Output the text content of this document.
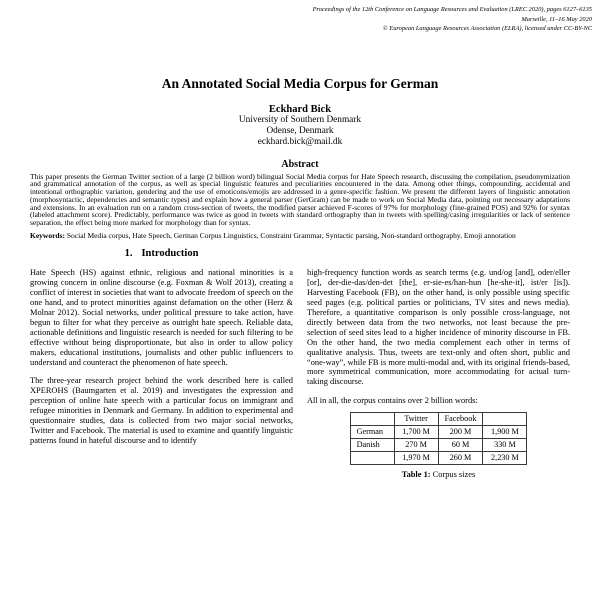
Proceedings of the 12th Conference on Language Resources and Evaluation (LREC 2020), pages 6127–6135
Marseille, 11–16 May 2020
© European Language Resources Association (ELRA), licensed under CC-BY-NC
An Annotated Social Media Corpus for German
Eckhard Bick
University of Southern Denmark
Odense, Denmark
eckhard.bick@mail.dk
Abstract

This paper presents the German Twitter section of a large (2 billion word) bilingual Social Media corpus for Hate Speech research, discussing the compilation, pseudonymization and grammatical annotation of the corpus, as well as special linguistic features and peculiarities encountered in the data. Among other things, compounding, accidental and intentional orthographic variation, gendering and the use of emoticons/emojis are addressed in a genre-specific fashion. We present the different layers of linguistic annotation (morphosyntactic, dependencies and semantic types) and explain how a general parser (GerGram) can be made to work on Social Media data, pointing out necessary adaptations and extensions. In an evaluation run on a random cross-section of tweets, the modified parser achieved F-scores of 97% for morphology (fine-grained POS) and 92% for syntax (labeled attachment score). Predictably, performance was twice as good in tweets with standard orthography than in tweets with spelling/casing irregularities or lack of sentence separation, the effect being more marked for morphology than for syntax.

Keywords: Social Media corpus, Hate Speech, German Corpus Linguistics, Constraint Grammar, Syntactic parsing, Non-standard orthography, Emoji annotation

1. Introduction

Hate Speech (HS) against ethnic, religious and national minorities is a growing concern in online discourse (e.g. Foxman & Wolf 2013), creating a conflict of interest in societies that want to advocate freedom of speech on the one hand, and to protect minorities against defamation on the other (Herz & Molnar 2012). Social networks, under political pressure to take action, have begun to filter for what they perceive as outright hate speech. Reliable data, actionable definitions and linguistic research is needed for such filtering to be effective without being disproportionate, but also in order to allow policy makers, educational institutions, journalists and other public influencers to understand and counteract the phenomenon of hate speech.

The three-year research project behind the work described here is called XPEROHS (Baumgarten et al. 2019) and investigates the expression and perception of online hate speech with a particular focus on immigrant and refugee minorities in Denmark and Germany. In addition to experimental and questionnaire studies, data is collected from two major social networks, Twitter and Facebook. The material is used to examine and quantify linguistic patterns found in hateful discourse and to identify

high-frequency function words as search terms (e.g. und/og [and], oder/eller [or], der-die-das/den-det [the], er-sie-es/han-hun [he-she-it], ist/er [is]). Harvesting Facebook (FB), on the other hand, is only possible using specific seed pages (e.g. political parties or politicians, TV sites and news media). Therefore, a quantitative comparison is only possible cross-language, not directly between data from the two networks, not least because the pre-selection of seed sites lead to a higher incidence of minority discourse in FB. On the other hand, the two media complement each other in terms of qualitative analysis. Thus, tweets are text-only and often short, public and “one-way”, while FB is more multi-modal and, with its original friends-based, more symmetrical communication, more accommodating for actual turn-taking discourse.

All in all, the corpus contains over 2 billion words:

	Twitter	Facebook	
German	1,700 M	200 M	1,900 M
Danish	270 M	60 M	330 M
	1,970 M	260 M	2,230 M
Table 1: Corpus sizes
